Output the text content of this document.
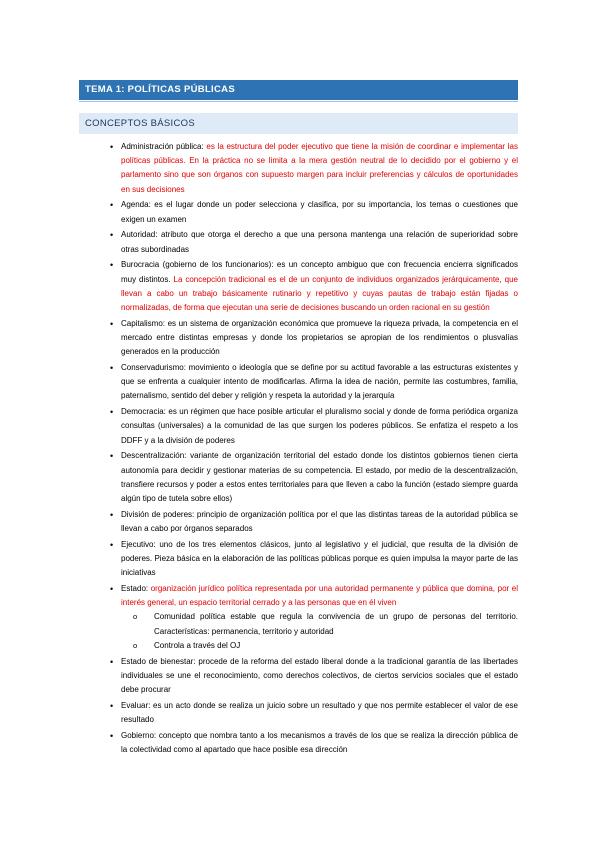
TEMA 1: POLÍTICAS PÚBLICAS
CONCEPTOS BÁSICOS
• Administración pública: es la estructura del poder ejecutivo que tiene la misión de coordinar e implementar las políticas públicas. En la práctica no se limita a la mera gestión neutral de lo decidido por el gobierno y el parlamento sino que son órganos con supuesto margen para incluir preferencias y cálculos de oportunidades en sus decisiones
• Agenda: es el lugar donde un poder selecciona y clasifica, por su importancia, los temas o cuestiones que exigen un examen
• Autoridad: atributo que otorga el derecho a que una persona mantenga una relación de superioridad sobre otras subordinadas
• Burocracia (gobierno de los funcionarios): es un concepto ambiguo que con frecuencia encierra significados muy distintos. La concepción tradicional es el de un conjunto de individuos organizados jerárquicamente, que llevan a cabo un trabajo básicamente rutinario y repetitivo y cuyas pautas de trabajo están fijadas o normalizadas, de forma que ejecutan una serie de decisiones buscando un orden racional en su gestión
• Capitalismo: es un sistema de organización económica que promueve la riqueza privada, la competencia en el mercado entre distintas empresas y donde los propietarios se apropian de los rendimientos o plusvalías generados en la producción
• Conservadurismo: movimiento o ideología que se define por su actitud favorable a las estructuras existentes y que se enfrenta a cualquier intento de modificarlas. Afirma la idea de nación, permite las costumbres, familia, paternalismo, sentido del deber y religión y respeta la autoridad y la jerarquía
• Democracia: es un régimen que hace posible articular el pluralismo social y donde de forma periódica organiza consultas (universales) a la comunidad de las que surgen los poderes públicos. Se enfatiza el respeto a los DDFF y a la división de poderes
• Descentralización: variante de organización territorial del estado donde los distintos gobiernos tienen cierta autonomía para decidir y gestionar materias de su competencia. El estado, por medio de la descentralización, transfiere recursos y poder a estos entes territoriales para que lleven a cabo la función (estado siempre guarda algún tipo de tutela sobre ellos)
• División de poderes: principio de organización política por el que las distintas tareas de la autoridad pública se llevan a cabo por órganos separados
• Ejecutivo: uno de los tres elementos clásicos, junto al legislativo y el judicial, que resulta de la división de poderes. Pieza básica en la elaboración de las políticas públicas porque es quien impulsa la mayor parte de las iniciativas
• Estado: organización jurídico política representada por una autoridad permanente y pública que domina, por el interés general, un espacio territorial cerrado y a las personas que en él viven
o Comunidad política estable que regula la convivencia de un grupo de personas del territorio. Características: permanencia, territorio y autoridad
o Controla a través del OJ
• Estado de bienestar: procede de la reforma del estado liberal donde a la tradicional garantía de las libertades individuales se une el reconocimiento, como derechos colectivos, de ciertos servicios sociales que el estado debe procurar
• Evaluar: es un acto donde se realiza un juicio sobre un resultado y que nos permite establecer el valor de ese resultado
• Gobierno: concepto que nombra tanto a los mecanismos a través de los que se realiza la dirección pública de la colectividad como al apartado que hace posible esa dirección
